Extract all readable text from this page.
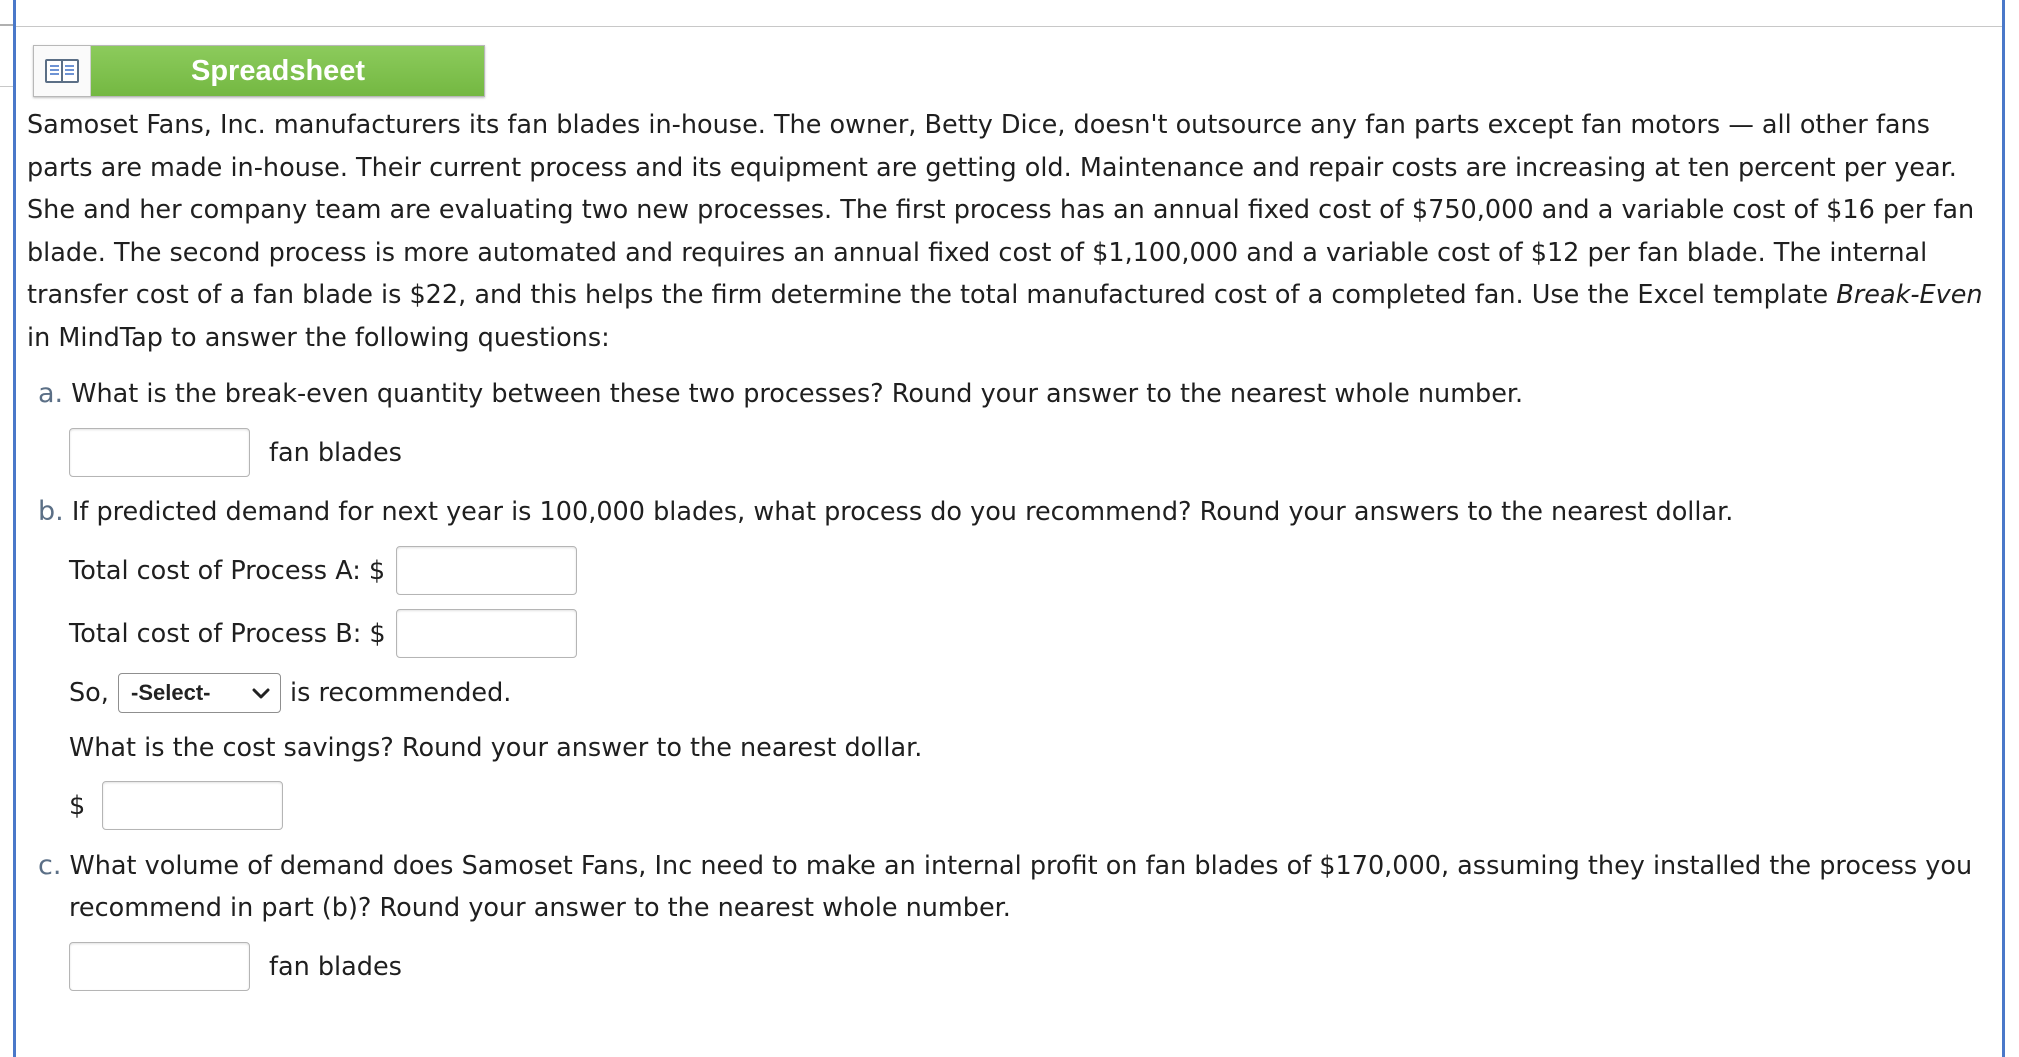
Spreadsheet

Samoset Fans, Inc. manufacturers its fan blades in-house. The owner, Betty Dice, doesn't outsource any fan parts except fan motors — all other fans parts are made in-house. Their current process and its equipment are getting old. Maintenance and repair costs are increasing at ten percent per year. She and her company team are evaluating two new processes. The first process has an annual fixed cost of $750,000 and a variable cost of $16 per fan blade. The second process is more automated and requires an annual fixed cost of $1,100,000 and a variable cost of $12 per fan blade. The internal transfer cost of a fan blade is $22, and this helps the firm determine the total manufactured cost of a completed fan. Use the Excel template Break-Even in MindTap to answer the following questions:

a. What is the break-even quantity between these two processes? Round your answer to the nearest whole number.

fan blades

b. If predicted demand for next year is 100,000 blades, what process do you recommend? Round your answers to the nearest dollar.

Total cost of Process A: $
Total cost of Process B: $
So, -Select-	is recommended.
What is the cost savings? Round your answer to the nearest dollar.
$

c. What volume of demand does Samoset Fans, Inc need to make an internal profit on fan blades of $170,000, assuming they installed the process you

recommend in part (b)? Round your answer to the nearest whole number.

fan blades
